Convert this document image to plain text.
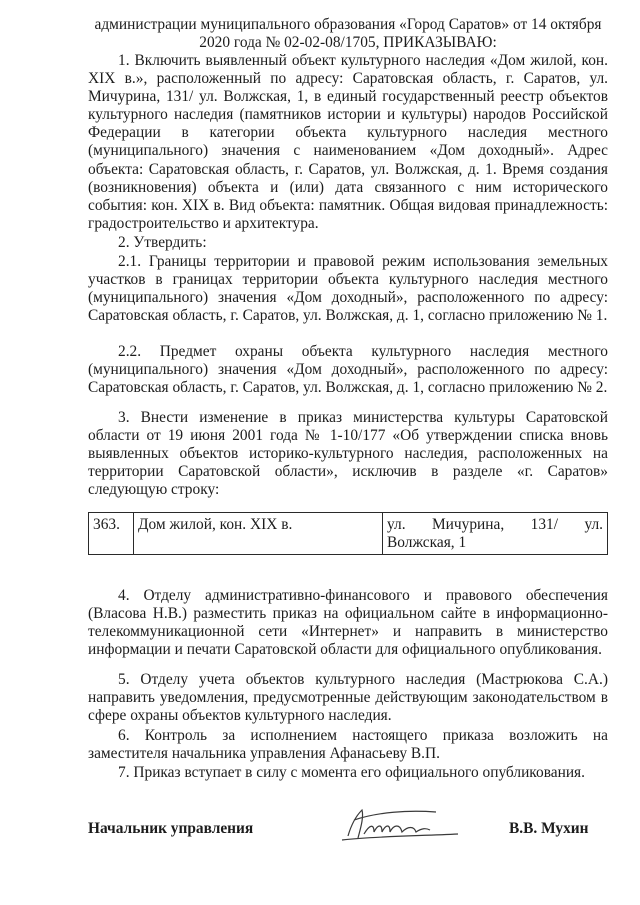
администрации муниципального образования «Город Саратов» от 14 октября 2020 года № 02-02-08/1705, ПРИКАЗЫВАЮ:

1. Включить выявленный объект культурного наследия «Дом жилой, кон. XIX в.», расположенный по адресу: Саратовская область, г. Саратов, ул. Мичурина, 131/ ул. Волжская, 1, в единый государственный реестр объектов культурного наследия (памятников истории и культуры) народов Российской Федерации в категории объекта культурного наследия местного (муниципального) значения с наименованием «Дом доходный». Адрес объекта: Саратовская область, г. Саратов, ул. Волжская, д. 1. Время создания (возникновения) объекта и (или) дата связанного с ним исторического события: кон. XIX в. Вид объекта: памятник. Общая видовая принадлежность: градостроительство и архитектура.

2. Утвердить:

2.1. Границы территории и правовой режим использования земельных участков в границах территории объекта культурного наследия местного (муниципального) значения «Дом доходный», расположенного по адресу: Саратовская область, г. Саратов, ул. Волжская, д. 1, согласно приложению № 1.

2.2. Предмет охраны объекта культурного наследия местного (муниципального) значения «Дом доходный», расположенного по адресу: Саратовская область, г. Саратов, ул. Волжская, д. 1, согласно приложению № 2.

3. Внести изменение в приказ министерства культуры Саратовской области от 19 июня 2001 года № 1-10/177 «Об утверждении списка вновь выявленных объектов историко-культурного наследия, расположенных на территории Саратовской области», исключив в разделе «г. Саратов» следующую строку:

363.	Дом жилой, кон. XIX в.	ул. Мичурина, 131/ ул. Волжская, 1

4. Отделу административно-финансового и правового обеспечения (Власова Н.В.) разместить приказ на официальном сайте в информационно-телекоммуникационной сети «Интернет» и направить в министерство информации и печати Саратовской области для официального опубликования.

5. Отделу учета объектов культурного наследия (Мастрюкова С.А.) направить уведомления, предусмотренные действующим законодательством в сфере охраны объектов культурного наследия.

6. Контроль за исполнением настоящего приказа возложить на заместителя начальника управления Афанасьеву В.П.

7. Приказ вступает в силу с момента его официального опубликования.

Начальник управления	В.В. Мухин
